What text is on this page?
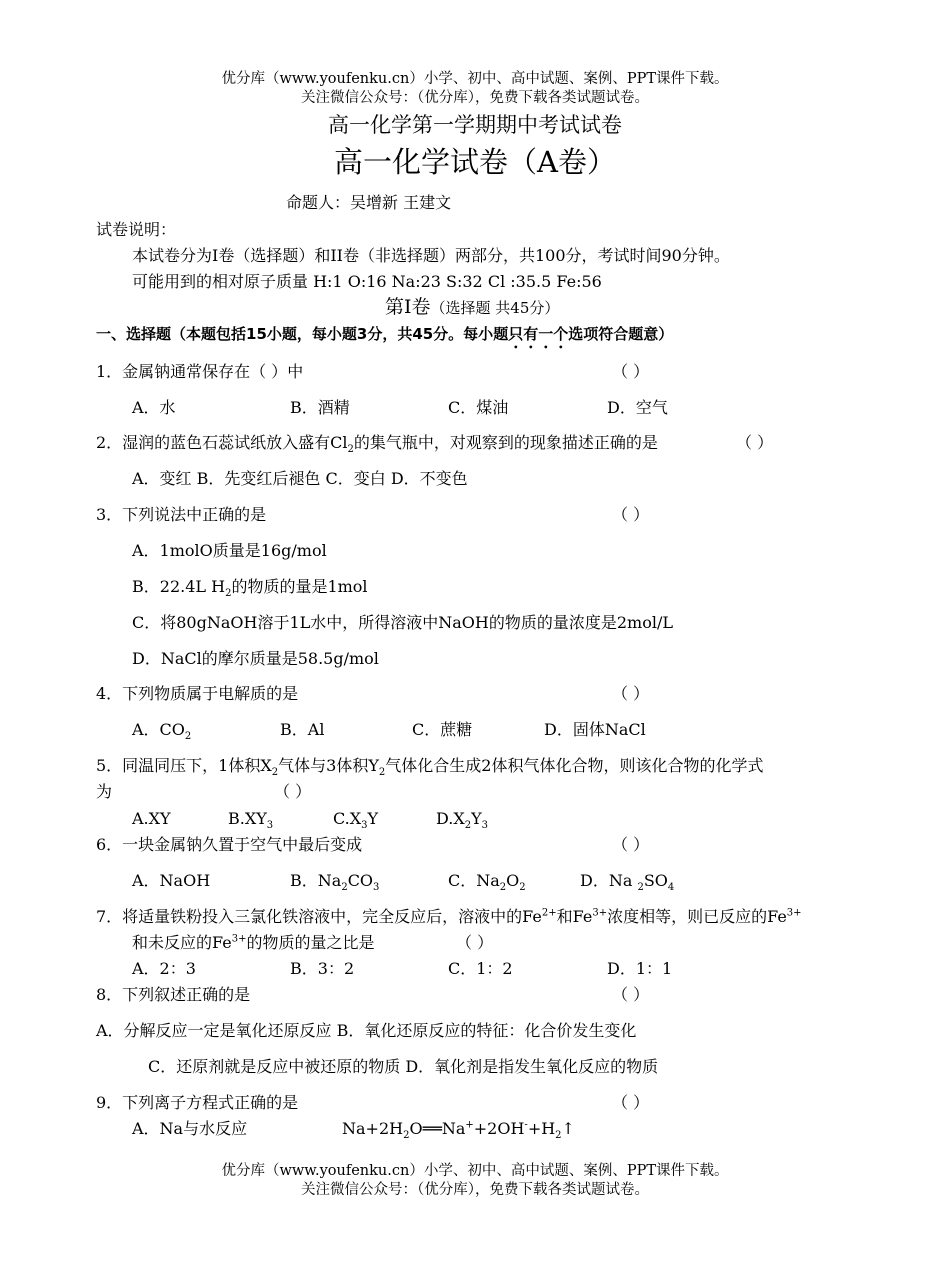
优分库（www.youfenku.cn）小学、初中、高中试题、案例、PPT课件下载。
关注微信公众号：（优分库），免费下载各类试题试卷。
高一化学第一学期期中考试试卷
高一化学试卷（A卷）
命题人：吴增新 王建文
试卷说明：
本试卷分为I卷（选择题）和II卷（非选择题）两部分，共100分，考试时间90分钟。
可能用到的相对原子质量 H:1 O:16 Na:23 S:32 Cl :35.5 Fe:56
第Ⅰ卷（选择题 共45分）
一、选择题（本题包括15小题，每小题3分，共45分。每小题只有一个选项符合题意）
1．金属钠通常保存在（ ）中	（ ）
A．水	B．酒精	C．煤油	D．空气
2．湿润的蓝色石蕊试纸放入盛有$Cl_2$的集气瓶中，对观察到的现象描述正确的是	（ ）
A．变红 B．先变红后褪色 C．变白 D．不变色
3．下列说法中正确的是	（ ）
A．1molO质量是16g/mol
B．22.4L $H_2$的物质的量是1mol
C．将80gNaOH溶于1L水中，所得溶液中NaOH的物质的量浓度是2mol/L
D．NaCl的摩尔质量是58.5g/mol
4．下列物质属于电解质的是	（ ）
A．$CO_2$	B．Al	C．蔗糖	D．固体NaCl
5．同温同压下，1体积$X_2$气体与3体积$Y_2$气体化合生成2体积气体化合物，则该化合物的化学式
为	（ ）
A.XY	$B.XY_3$	$C.X_3Y$	$D.X_2Y_3$
6．一块金属钠久置于空气中最后变成	（ ）
A．NaOH	B．$Na_2CO_3$	C．$Na_2O_2$	D．Na $_2SO_4$
7．将适量铁粉投入三氯化铁溶液中，完全反应后，溶液中的$Fe^{2+}$和$Fe^{3+}$浓度相等，则已反应的$Fe^{3+}$
和未反应的$Fe^{3+}$的物质的量之比是	（ ）
A．2：3	B．3：2	C．1：2	D．1：1
8．下列叙述正确的是	（ ）
A．分解反应一定是氧化还原反应 B．氧化还原反应的特征：化合价发生变化
C．还原剂就是反应中被还原的物质 D．氧化剂是指发生氧化反应的物质
9．下列离子方程式正确的是	（ ）
A．Na与水反应	$Na+2H_2O══Na^++2OH^-+H_2↑$
优分库（www.youfenku.cn）小学、初中、高中试题、案例、PPT课件下载。
关注微信公众号：（优分库），免费下载各类试题试卷。
